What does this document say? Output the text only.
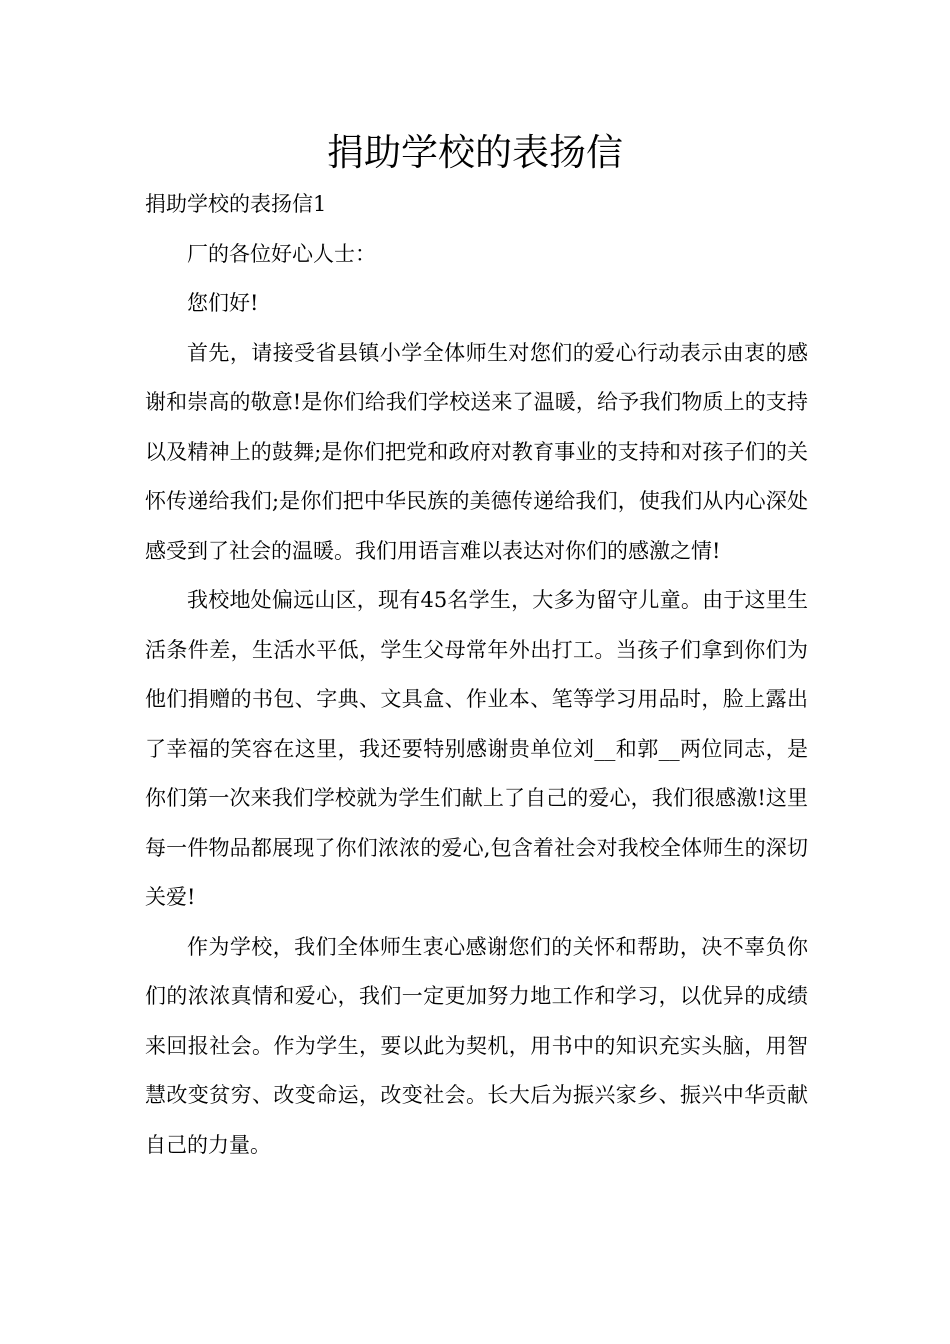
捐助学校的表扬信

捐助学校的表扬信1

厂的各位好心人士：

您们好!

首先，请接受省县镇小学全体师生对您们的爱心行动表示由衷的感谢和崇高的敬意!是你们给我们学校送来了温暖，给予我们物质上的支持以及精神上的鼓舞;是你们把党和政府对教育事业的支持和对孩子们的关怀传递给我们;是你们把中华民族的美德传递给我们，使我们从内心深处感受到了社会的温暖。我们用语言难以表达对你们的感激之情!

我校地处偏远山区，现有45名学生，大多为留守儿童。由于这里生活条件差，生活水平低，学生父母常年外出打工。当孩子们拿到你们为他们捐赠的书包、字典、文具盒、作业本、笔等学习用品时，脸上露出了幸福的笑容在这里，我还要特别感谢贵单位刘__和郭__两位同志，是你们第一次来我们学校就为学生们献上了自己的爱心，我们很感激!这里每一件物品都展现了你们浓浓的爱心,包含着社会对我校全体师生的深切关爱!

作为学校，我们全体师生衷心感谢您们的关怀和帮助，决不辜负你们的浓浓真情和爱心，我们一定更加努力地工作和学习，以优异的成绩来回报社会。作为学生，要以此为契机，用书中的知识充实头脑，用智慧改变贫穷、改变命运，改变社会。长大后为振兴家乡、振兴中华贡献自己的力量。
